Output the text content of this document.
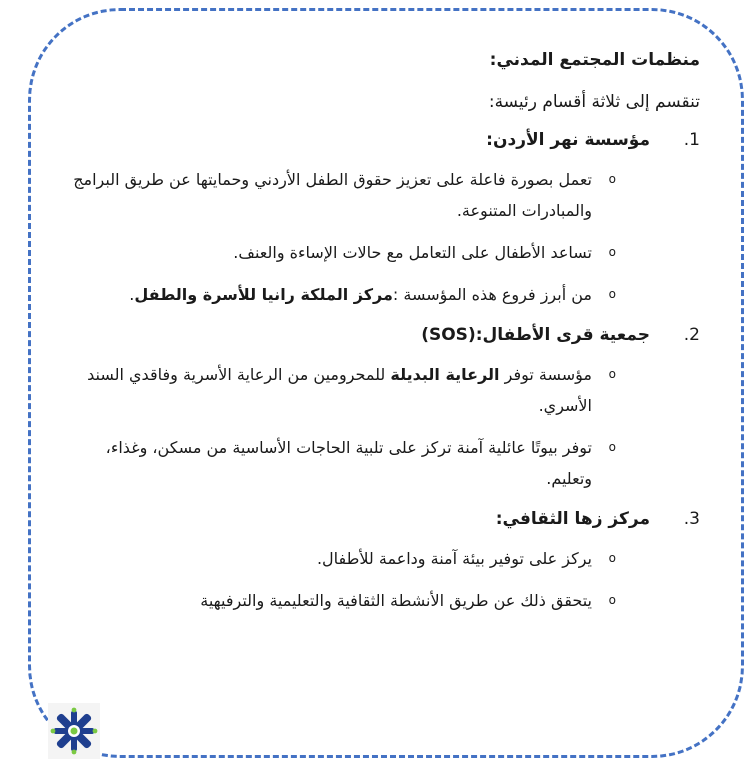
منظمات المجتمع المدني:
تنقسم إلى ثلاثة أقسام رئيسة:
1.
مؤسسة نهر الأردن:
o
تعمل بصورة فاعلة على تعزيز حقوق الطفل الأردني وحمايتها عن طريق البرامج والمبادرات المتنوعة.
o
تساعد الأطفال على التعامل مع حالات الإساءة والعنف.
o
من أبرز فروع هذه المؤسسة :مركز الملكة رانيا للأسرة والطفل.
2.
جمعية قرى الأطفال:(SOS)
o
مؤسسة توفر الرعاية البديلة للمحرومين من الرعاية الأسرية وفاقدي السند الأسري.
o
توفر بيوتًا عائلية آمنة تركز على تلبية الحاجات الأساسية من مسكن، وغذاء، وتعليم.
3.
مركز زها الثقافي:
o
يركز على توفير بيئة آمنة وداعمة للأطفال.
o
يتحقق ذلك عن طريق الأنشطة الثقافية والتعليمية والترفيهية
